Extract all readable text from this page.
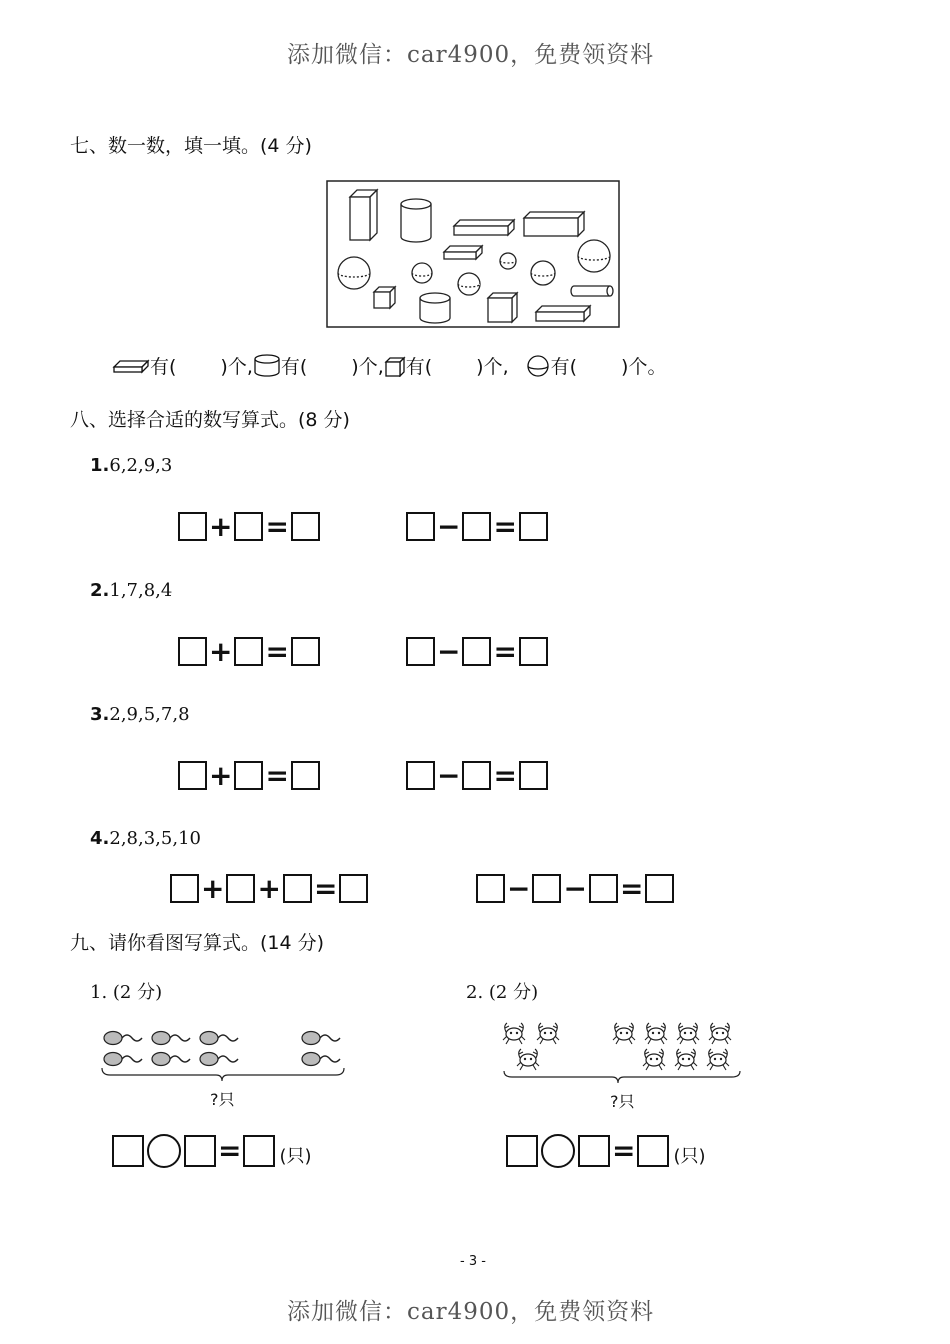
添加微信：car4900，免费领资料
七、数一数，填一填。(4 分)
有( )个, 有( )个, 有( )个, 有( )个。
八、选择合适的数写算式。(8 分)
1.6,2,9,3
+ =	− =
2.1,7,8,4
+ =	− =
3.2,9,5,7,8
+ =	− =
4.2,8,3,5,10
+ + =	− − =
九、请你看图写算式。(14 分)
1. (2 分)	2. (2 分)
?只	?只
= (只)	= (只)
- 3 -
添加微信：car4900，免费领资料
